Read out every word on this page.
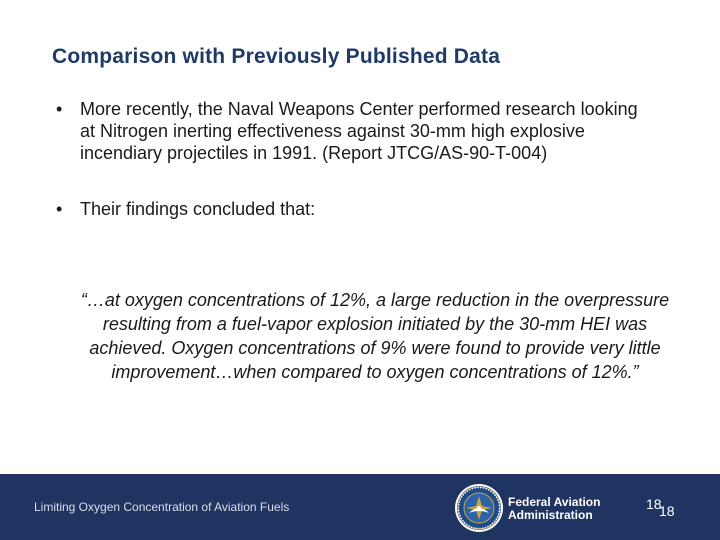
Comparison with Previously Published Data
• More recently, the Naval Weapons Center performed research looking at Nitrogen inerting effectiveness against 30-mm high explosive incendiary projectiles in 1991. (Report JTCG/AS-90-T-004)
• Their findings concluded that:
“…at oxygen concentrations of 12%, a large reduction in the overpressure resulting from a fuel-vapor explosion initiated by the 30-mm HEI was achieved. Oxygen concentrations of 9% were found to provide very little improvement…when compared to oxygen concentrations of 12%.”
Limiting Oxygen Concentration of Aviation Fuels	Federal Aviation
Administration
18
18
